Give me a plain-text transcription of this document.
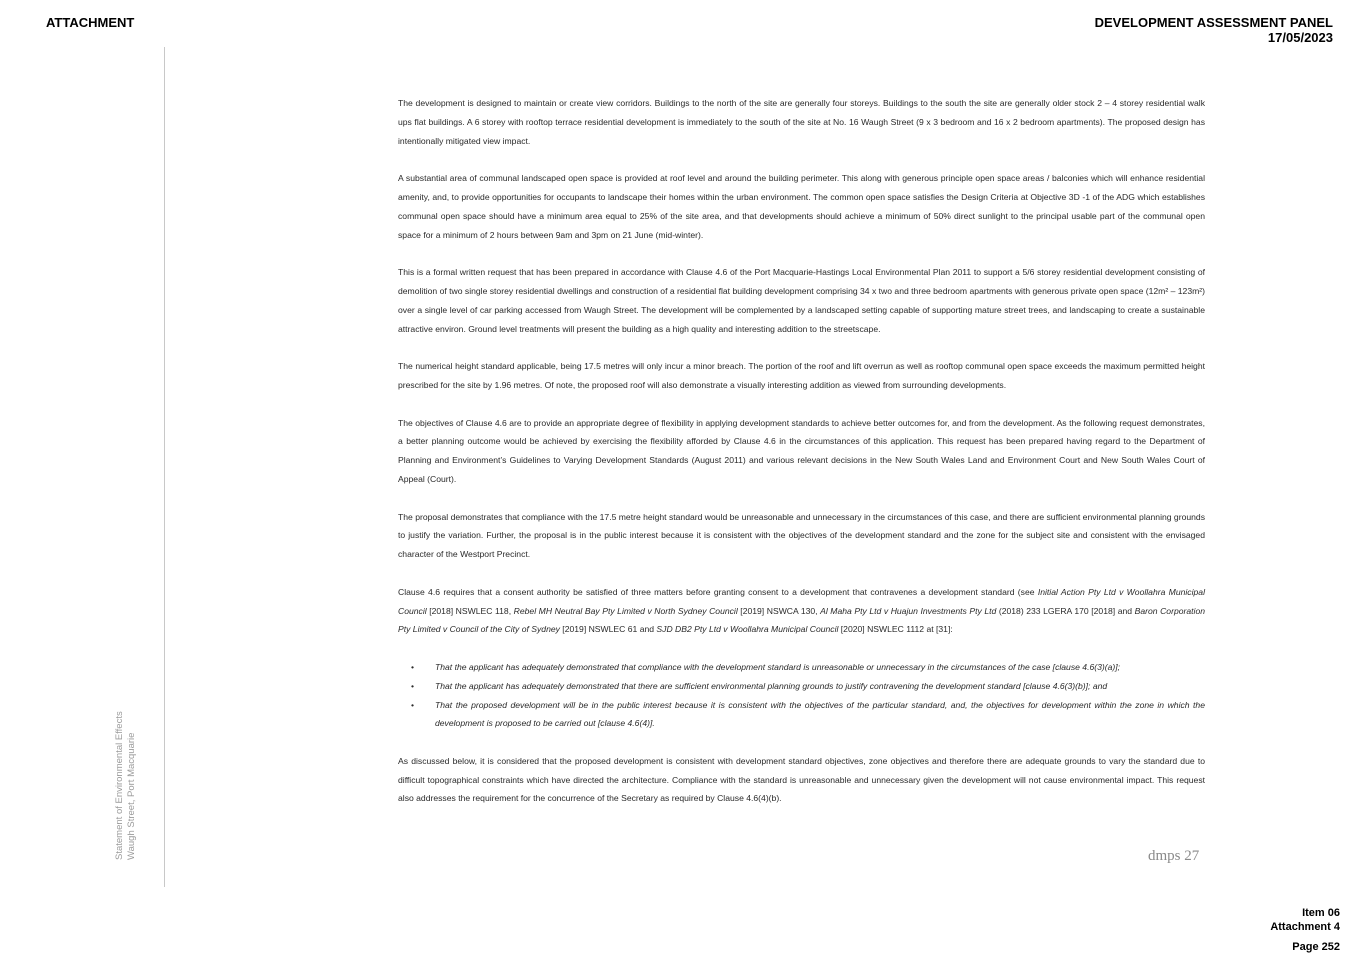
ATTACHMENT	DEVELOPMENT ASSESSMENT PANEL
17/05/2023
Statement of Environmental Effects Waugh Street, Port Macquarie

The development is designed to maintain or create view corridors. Buildings to the north of the site are generally four storeys. Buildings to the south the site are generally older stock 2 – 4 storey residential walk ups flat buildings. A 6 storey with rooftop terrace residential development is immediately to the south of the site at No. 16 Waugh Street (9 x 3 bedroom and 16 x 2 bedroom apartments). The proposed design has intentionally mitigated view impact.

A substantial area of communal landscaped open space is provided at roof level and around the building perimeter. This along with generous principle open space areas / balconies which will enhance residential amenity, and, to provide opportunities for occupants to landscape their homes within the urban environment. The common open space satisfies the Design Criteria at Objective 3D -1 of the ADG which establishes communal open space should have a minimum area equal to 25% of the site area, and that developments should achieve a minimum of 50% direct sunlight to the principal usable part of the communal open space for a minimum of 2 hours between 9am and 3pm on 21 June (mid-winter).

This is a formal written request that has been prepared in accordance with Clause 4.6 of the Port Macquarie-Hastings Local Environmental Plan 2011 to support a 5/6 storey residential development consisting of demolition of two single storey residential dwellings and construction of a residential flat building development comprising 34 x two and three bedroom apartments with generous private open space (12m² – 123m²) over a single level of car parking accessed from Waugh Street. The development will be complemented by a landscaped setting capable of supporting mature street trees, and landscaping to create a sustainable attractive environ. Ground level treatments will present the building as a high quality and interesting addition to the streetscape.

The numerical height standard applicable, being 17.5 metres will only incur a minor breach. The portion of the roof and lift overrun as well as rooftop communal open space exceeds the maximum permitted height prescribed for the site by 1.96 metres. Of note, the proposed roof will also demonstrate a visually interesting addition as viewed from surrounding developments.

The objectives of Clause 4.6 are to provide an appropriate degree of flexibility in applying development standards to achieve better outcomes for, and from the development. As the following request demonstrates, a better planning outcome would be achieved by exercising the flexibility afforded by Clause 4.6 in the circumstances of this application. This request has been prepared having regard to the Department of Planning and Environment’s Guidelines to Varying Development Standards (August 2011) and various relevant decisions in the New South Wales Land and Environment Court and New South Wales Court of Appeal (Court).

The proposal demonstrates that compliance with the 17.5 metre height standard would be unreasonable and unnecessary in the circumstances of this case, and there are sufficient environmental planning grounds to justify the variation. Further, the proposal is in the public interest because it is consistent with the objectives of the development standard and the zone for the subject site and consistent with the envisaged character of the Westport Precinct.

Clause 4.6 requires that a consent authority be satisfied of three matters before granting consent to a development that contravenes a development standard (see Initial Action Pty Ltd v Woollahra Municipal Council [2018] NSWLEC 118, Rebel MH Neutral Bay Pty Limited v North Sydney Council [2019] NSWCA 130, Al Maha Pty Ltd v Huajun Investments Pty Ltd (2018) 233 LGERA 170 [2018] and Baron Corporation Pty Limited v Council of the City of Sydney [2019] NSWLEC 61 and SJD DB2 Pty Ltd v Woollahra Municipal Council [2020] NSWLEC 1112 at [31]:

• That the applicant has adequately demonstrated that compliance with the development standard is unreasonable or unnecessary in the circumstances of the case [clause 4.6(3)(a)];
• That the applicant has adequately demonstrated that there are sufficient environmental planning grounds to justify contravening the development standard [clause 4.6(3)(b)]; and
• That the proposed development will be in the public interest because it is consistent with the objectives of the particular standard, and, the objectives for development within the zone in which the development is proposed to be carried out [clause 4.6(4)].

As discussed below, it is considered that the proposed development is consistent with development standard objectives, zone objectives and therefore there are adequate grounds to vary the standard due to difficult topographical constraints which have directed the architecture. Compliance with the standard is unreasonable and unnecessary given the development will not cause environmental impact. This request also addresses the requirement for the concurrence of the Secretary as required by Clause 4.6(4)(b).

dmps 27
Item 06
Attachment 4
Page 252
